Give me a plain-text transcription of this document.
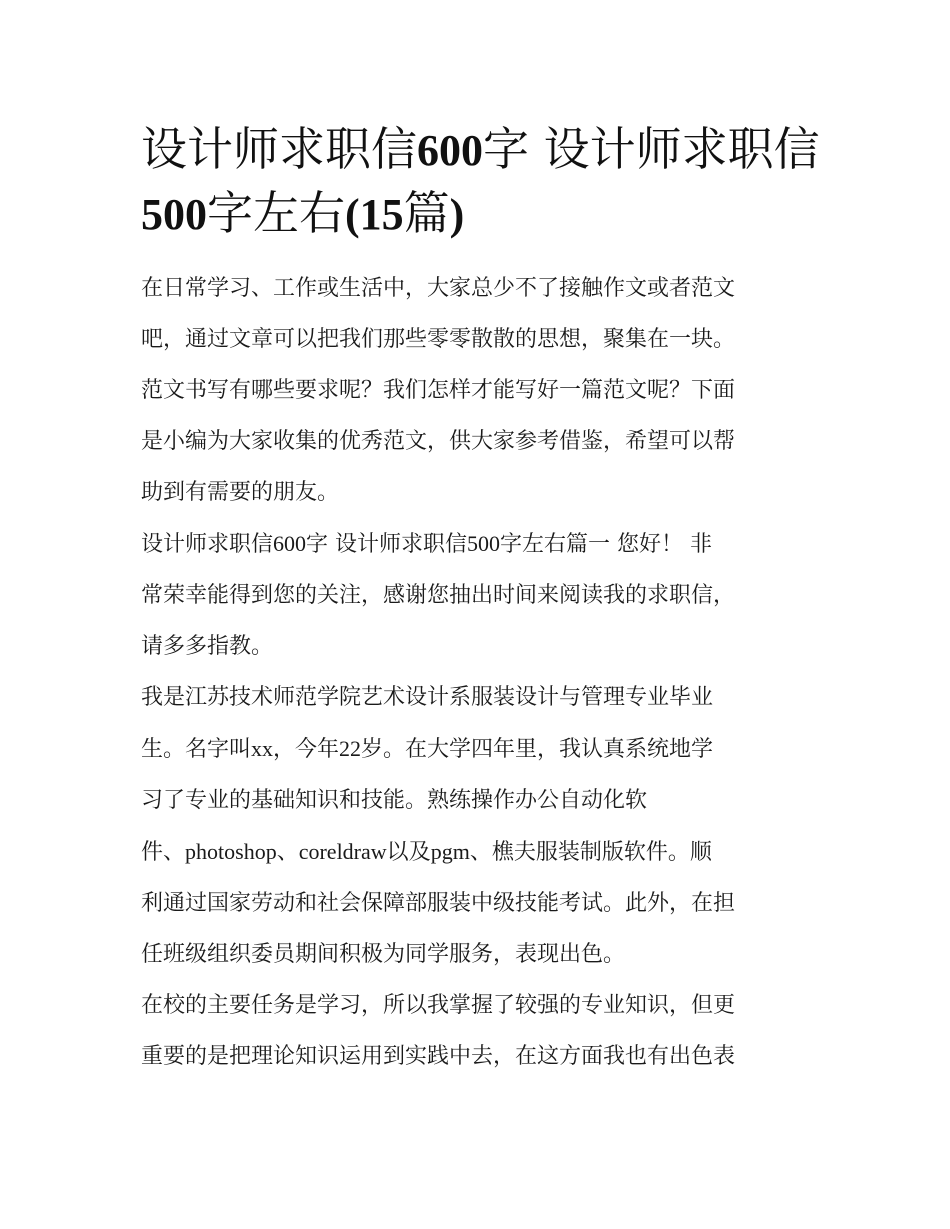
设计师求职信600字 设计师求职信500字左右(15篇)

在日常学习、工作或生活中，大家总少不了接触作文或者范文
吧，通过文章可以把我们那些零零散散的思想，聚集在一块。
范文书写有哪些要求呢？我们怎样才能写好一篇范文呢？下面
是小编为大家收集的优秀范文，供大家参考借鉴，希望可以帮
助到有需要的朋友。

设计师求职信600字 设计师求职信500字左右篇一 您好！ 非
常荣幸能得到您的关注，感谢您抽出时间来阅读我的求职信，
请多多指教。

我是江苏技术师范学院艺术设计系服装设计与管理专业毕业
生。名字叫xx，今年22岁。在大学四年里，我认真系统地学
习了专业的基础知识和技能。熟练操作办公自动化软
件、photoshop、coreldraw以及pgm、樵夫服装制版软件。顺
利通过国家劳动和社会保障部服装中级技能考试。此外，在担
任班级组织委员期间积极为同学服务，表现出色。

在校的主要任务是学习，所以我掌握了较强的专业知识，但更
重要的是把理论知识运用到实践中去，在这方面我也有出色表
